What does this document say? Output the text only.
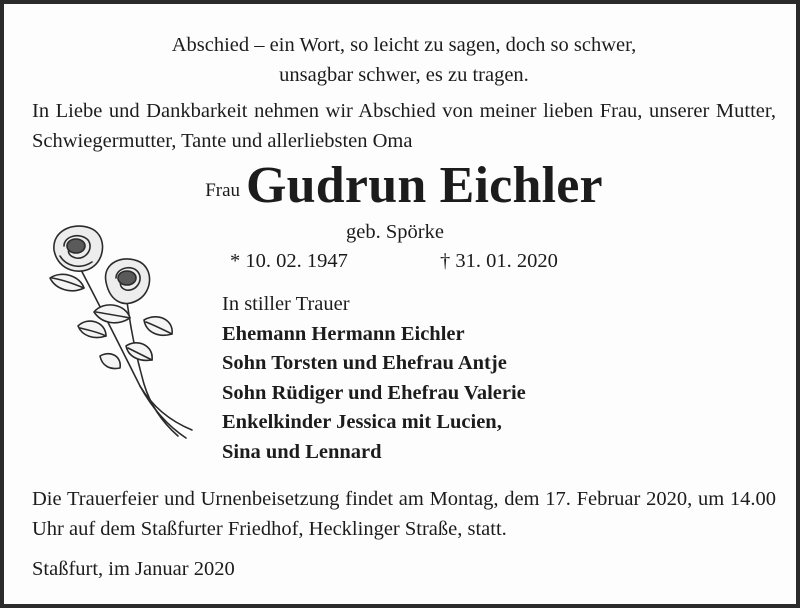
Abschied – ein Wort, so leicht zu sagen, doch so schwer,
unsagbar schwer, es zu tragen.
In Liebe und Dankbarkeit nehmen wir Abschied von meiner lieben Frau, unserer Mutter, Schwiegermutter, Tante und allerliebsten Oma
Frau Gudrun Eichler
geb. Spörke
* 10. 02. 1947	† 31. 01. 2020
In stiller Trauer
Ehemann Hermann Eichler
Sohn Torsten und Ehefrau Antje
Sohn Rüdiger und Ehefrau Valerie
Enkelkinder Jessica mit Lucien,
Sina und Lennard
Die Trauerfeier und Urnenbeisetzung findet am Montag, dem 17. Februar 2020, um 14.00 Uhr auf dem Staßfurter Friedhof, Hecklinger Straße, statt.
Staßfurt, im Januar 2020
